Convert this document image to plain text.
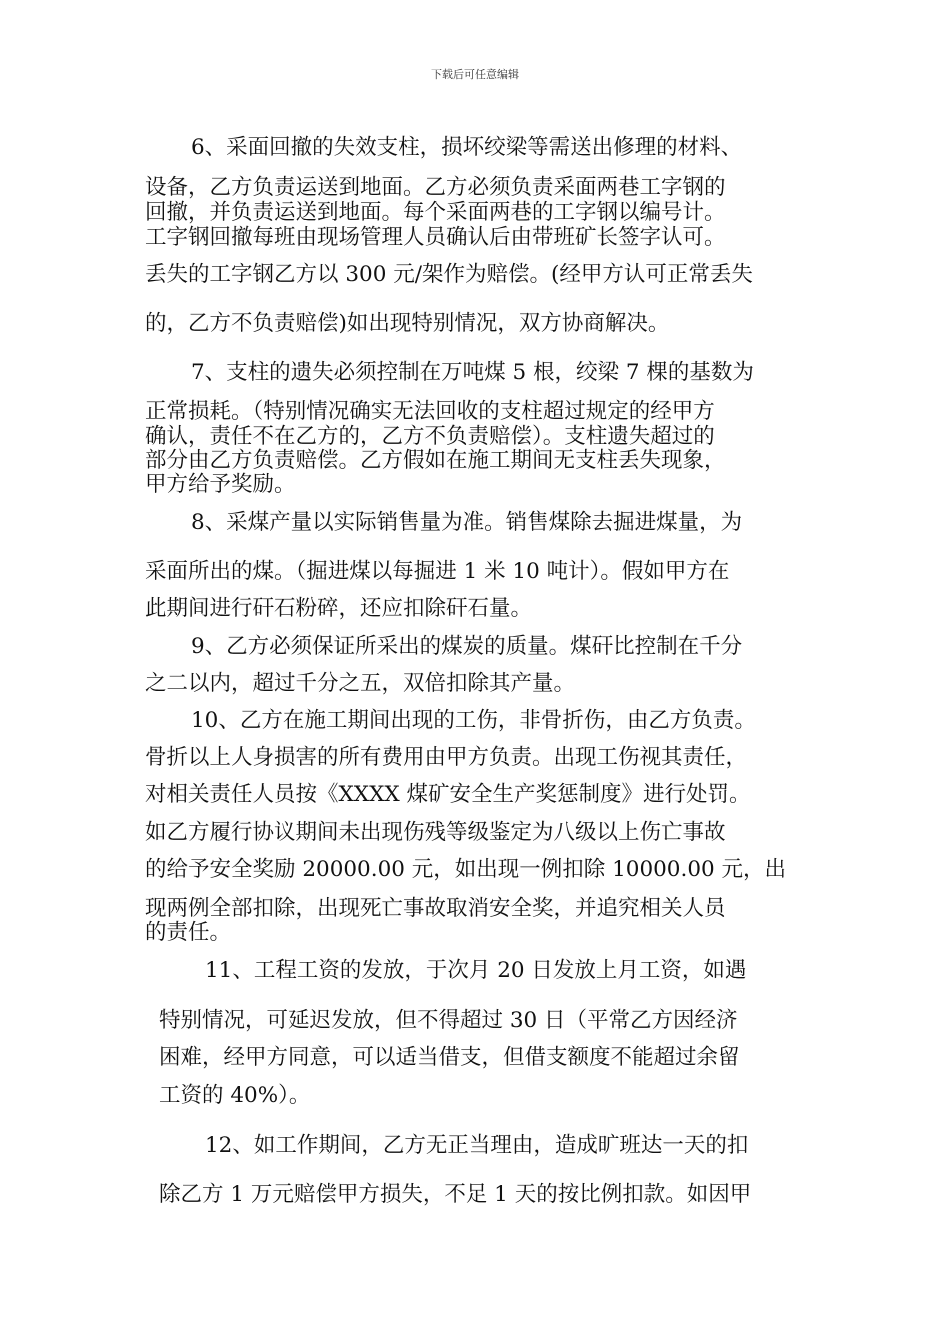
下载后可任意编辑

6、采面回撤的失效支柱，损坏绞梁等需送出修理的材料、

设备，乙方负责运送到地面。乙方必须负责采面两巷工字钢的

回撤，并负责运送到地面。每个采面两巷的工字钢以编号计。

工字钢回撤每班由现场管理人员确认后由带班矿长签字认可。

丢失的工字钢乙方以 300 元/架作为赔偿。(经甲方认可正常丢失

的，乙方不负责赔偿)如出现特别情况，双方协商解决。

7、支柱的遗失必须控制在万吨煤 5 根，绞梁 7 棵的基数为

正常损耗。（特别情况确实无法回收的支柱超过规定的经甲方

确认，责任不在乙方的，乙方不负责赔偿）。支柱遗失超过的

部分由乙方负责赔偿。乙方假如在施工期间无支柱丢失现象，

甲方给予奖励。

8、采煤产量以实际销售量为准。销售煤除去掘进煤量，为

采面所出的煤。（掘进煤以每掘进 1 米 10 吨计）。假如甲方在

此期间进行矸石粉碎，还应扣除矸石量。

9、乙方必须保证所采出的煤炭的质量。煤矸比控制在千分

之二以内，超过千分之五，双倍扣除其产量。

10、乙方在施工期间出现的工伤，非骨折伤，由乙方负责。

骨折以上人身损害的所有费用由甲方负责。出现工伤视其责任，

对相关责任人员按《XXXX 煤矿安全生产奖惩制度》进行处罚。

如乙方履行协议期间未出现伤残等级鉴定为八级以上伤亡事故

的给予安全奖励 20000.00 元，如出现一例扣除 10000.00 元，出

现两例全部扣除，出现死亡事故取消安全奖，并追究相关人员

的责任。

11、工程工资的发放，于次月 20 日发放上月工资，如遇

特别情况，可延迟发放，但不得超过 30 日（平常乙方因经济

困难，经甲方同意，可以适当借支，但借支额度不能超过余留

工资的 40%）。

12、如工作期间，乙方无正当理由，造成旷班达一天的扣

除乙方 1 万元赔偿甲方损失，不足 1 天的按比例扣款。如因甲
